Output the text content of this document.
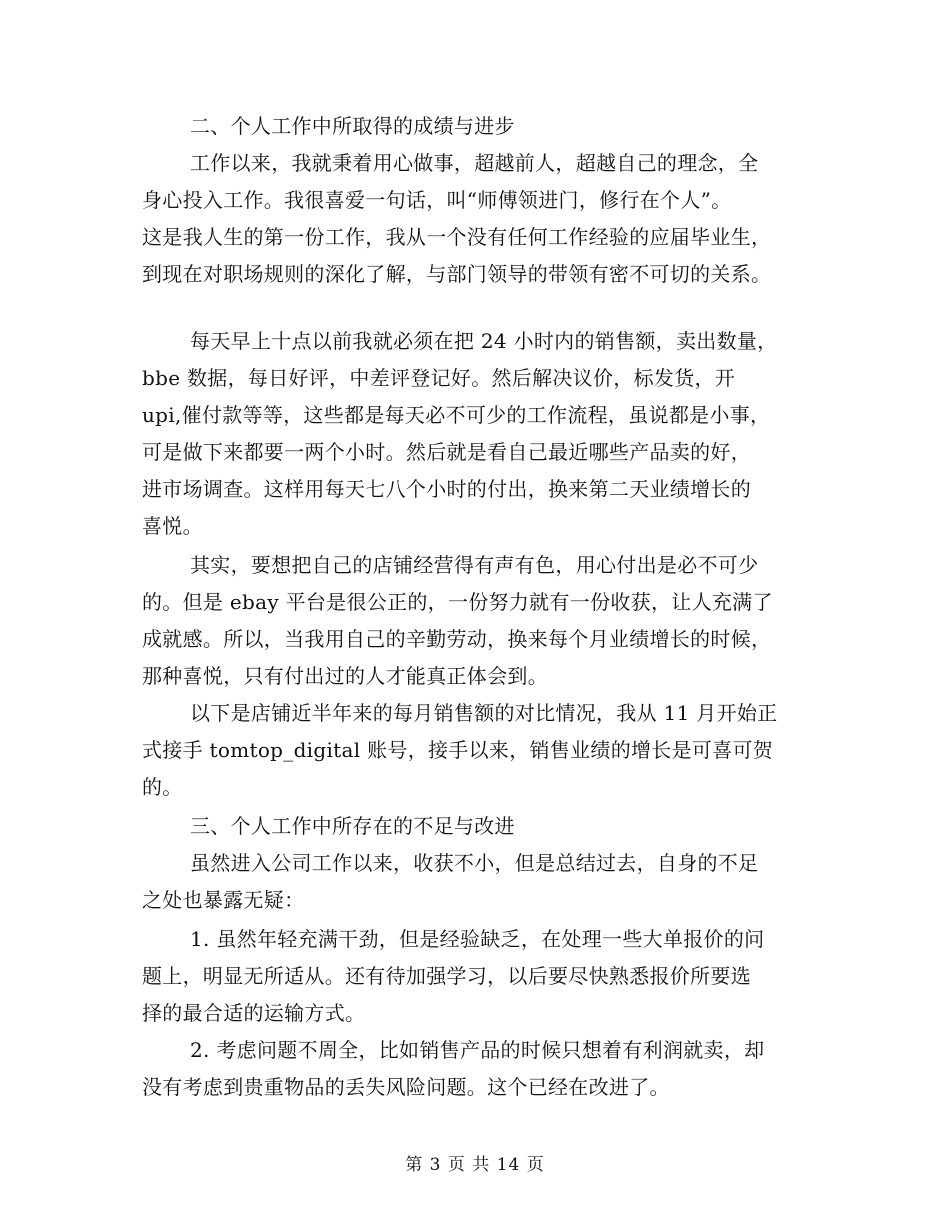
二、个人工作中所取得的成绩与进步
工作以来，我就秉着用心做事，超越前人，超越自己的理念，全
身心投入工作。我很喜爱一句话，叫“师傅领进门，修行在个人”。
这是我人生的第一份工作，我从一个没有任何工作经验的应届毕业生，
到现在对职场规则的深化了解，与部门领导的带领有密不可切的关系。
每天早上十点以前我就必须在把 24 小时内的销售额，卖出数量，
bbe 数据，每日好评，中差评登记好。然后解决议价，标发货，开
upi,催付款等等，这些都是每天必不可少的工作流程，虽说都是小事，
可是做下来都要一两个小时。然后就是看自己最近哪些产品卖的好，
进市场调查。这样用每天七八个小时的付出，换来第二天业绩增长的
喜悦。
其实，要想把自己的店铺经营得有声有色，用心付出是必不可少
的。但是 ebay 平台是很公正的，一份努力就有一份收获，让人充满了
成就感。所以，当我用自己的辛勤劳动，换来每个月业绩增长的时候，
那种喜悦，只有付出过的人才能真正体会到。
以下是店铺近半年来的每月销售额的对比情况，我从 11 月开始正
式接手 tomtop_digital 账号，接手以来，销售业绩的增长是可喜可贺
的。
三、个人工作中所存在的不足与改进
虽然进入公司工作以来，收获不小，但是总结过去，自身的不足
之处也暴露无疑：
1. 虽然年轻充满干劲，但是经验缺乏，在处理一些大单报价的问
题上，明显无所适从。还有待加强学习，以后要尽快熟悉报价所要选
择的最合适的运输方式。
2. 考虑问题不周全，比如销售产品的时候只想着有利润就卖，却
没有考虑到贵重物品的丢失风险问题。这个已经在改进了。
第 3 页 共 14 页
